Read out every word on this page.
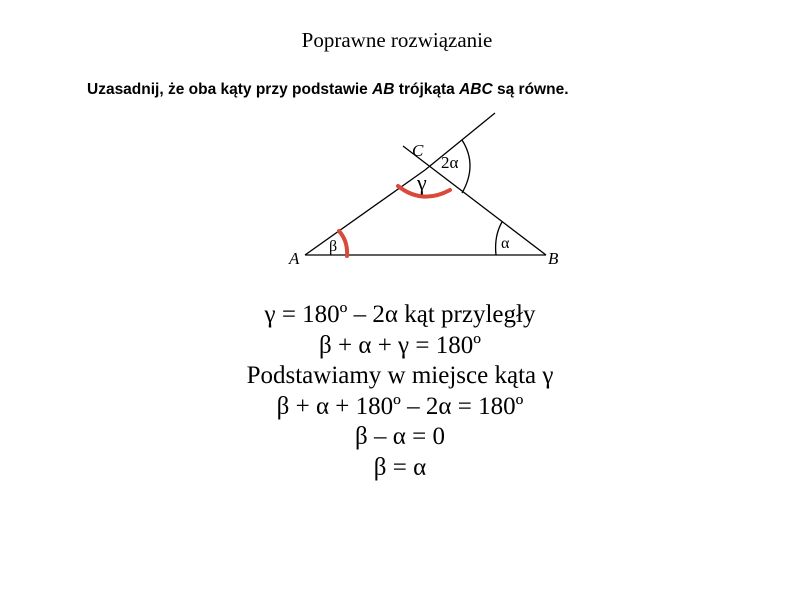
Poprawne rozwiązanie
Uzasadnij, że oba kąty przy podstawie AB trójkąta ABC są równe.
C
2α
γ
β	α
A	B
γ = 180º – 2α kąt przyległy
β + α + γ = 180º
Podstawiamy w miejsce kąta γ
β + α + 180º – 2α = 180º
β – α = 0
β = α
